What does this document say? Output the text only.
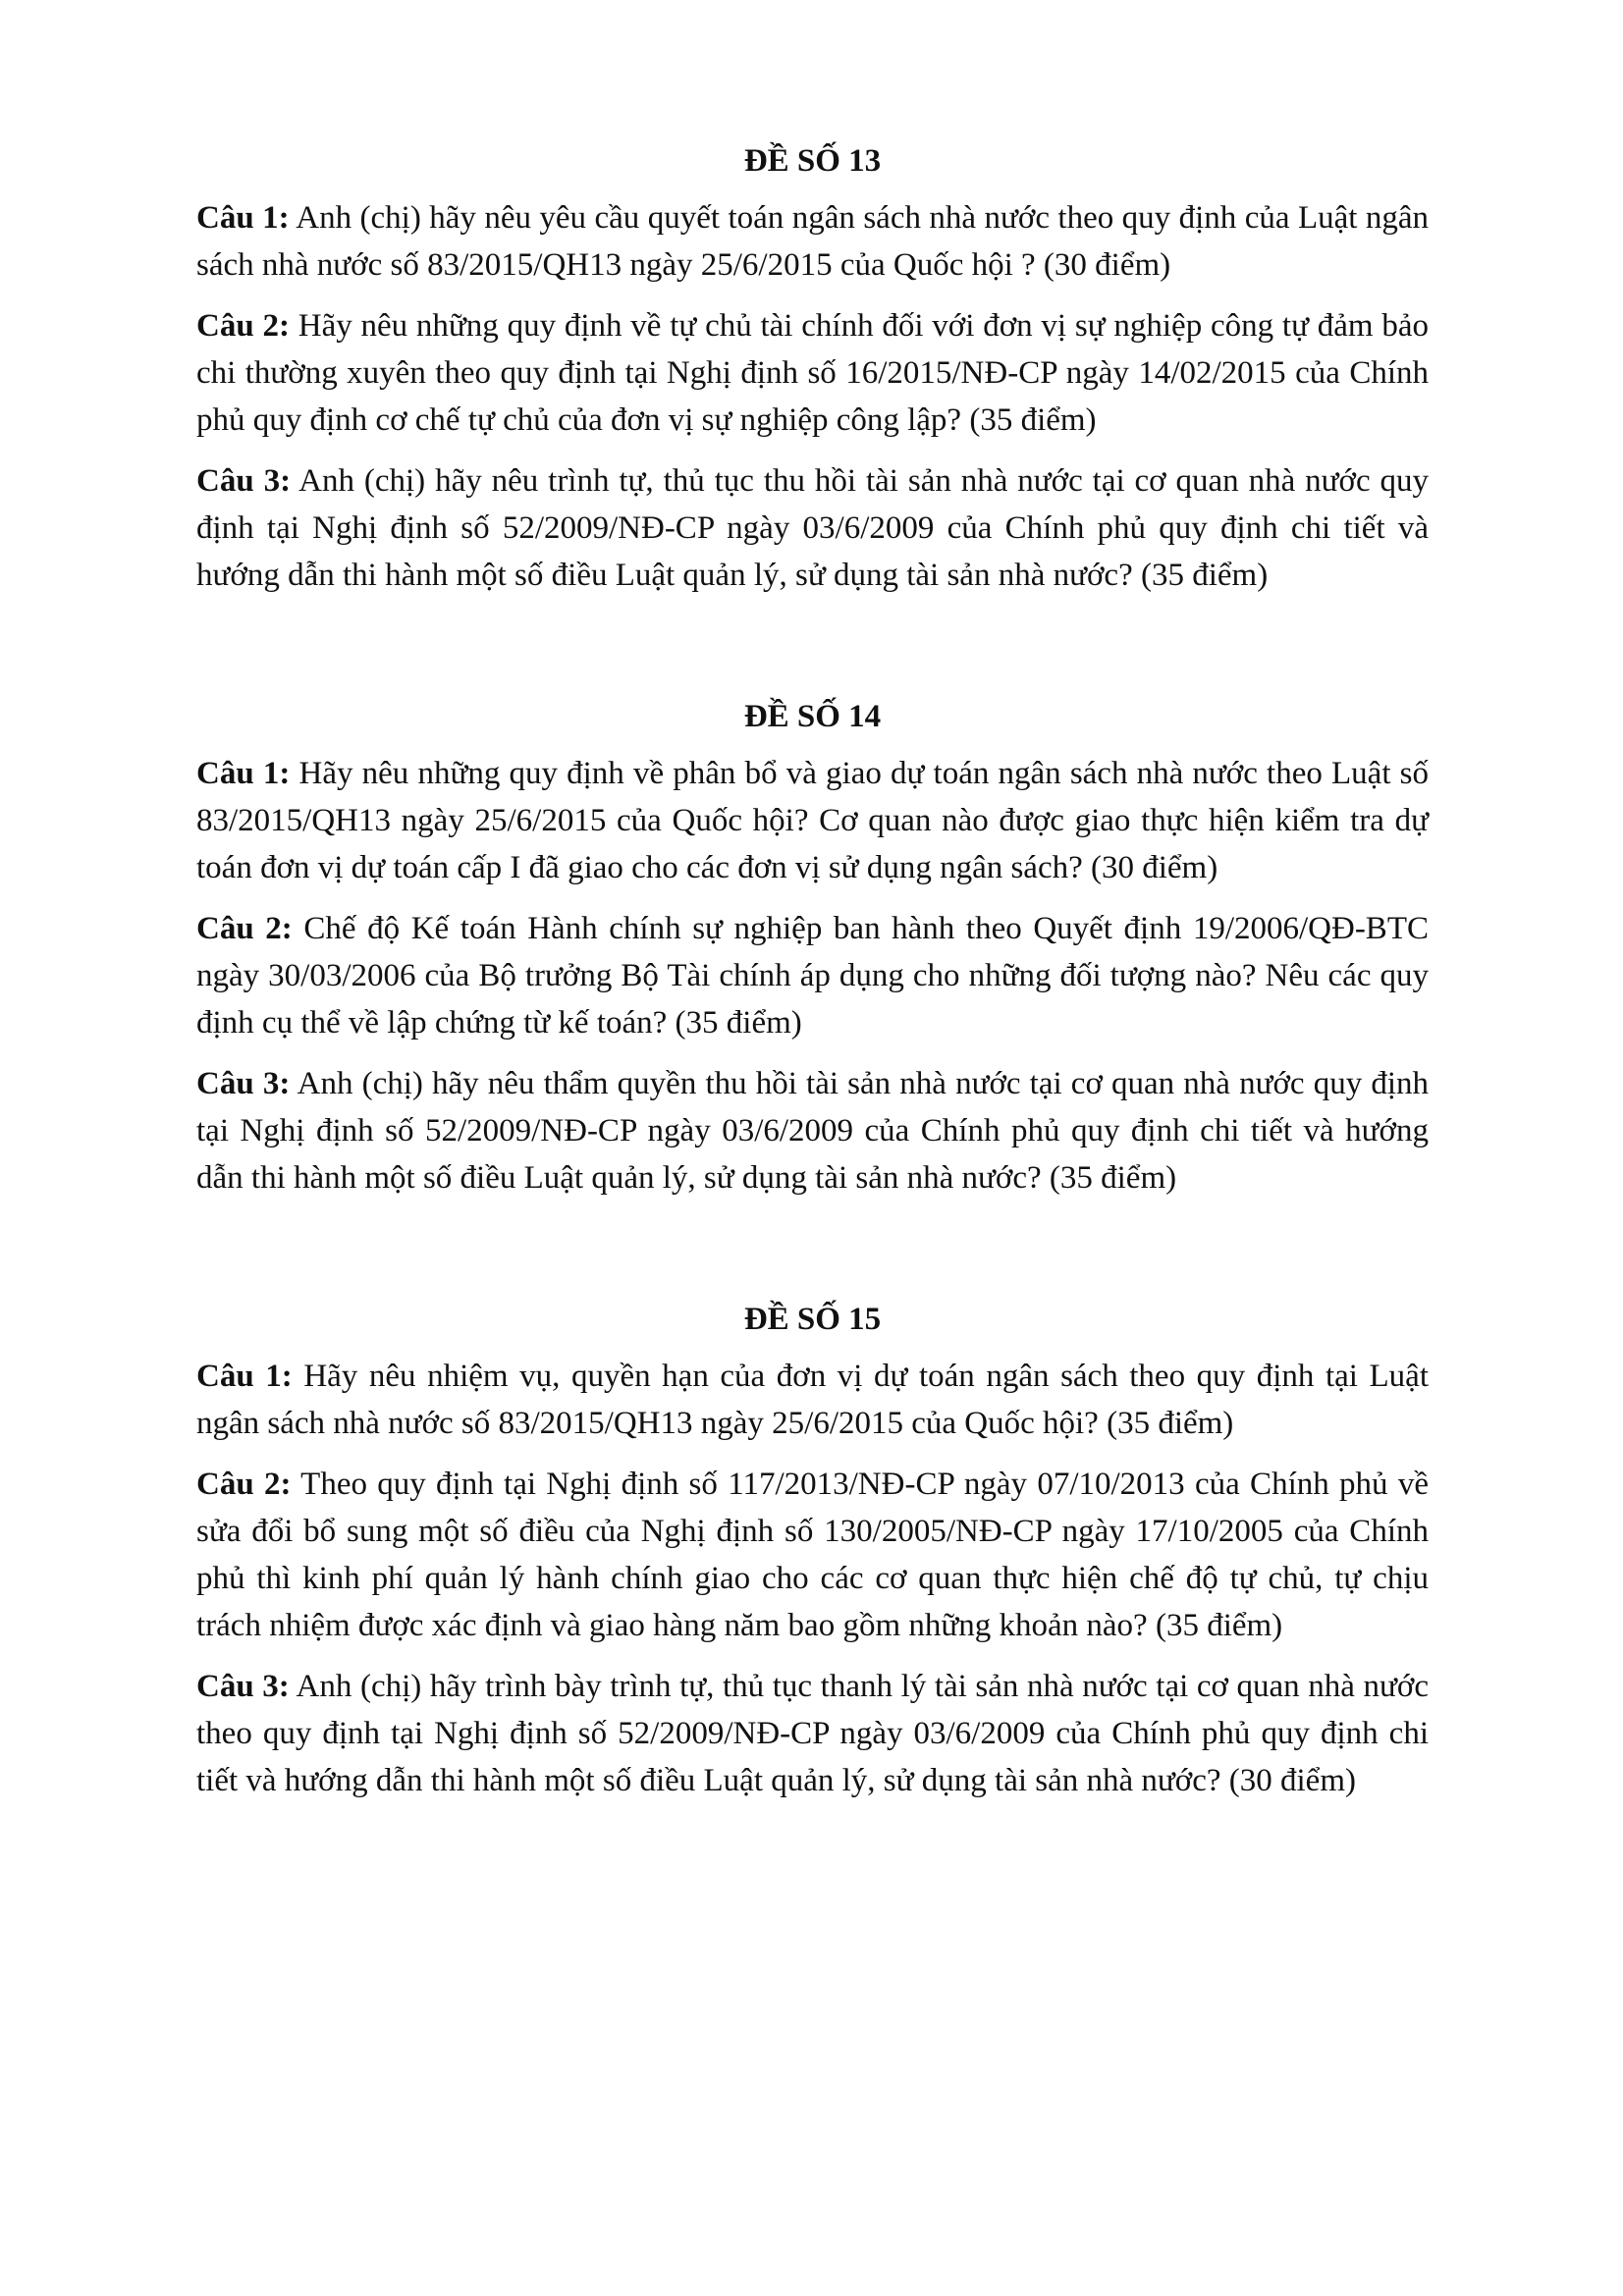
ĐỀ SỐ 13

Câu 1: Anh (chị) hãy nêu yêu cầu quyết toán ngân sách nhà nước theo quy định của Luật ngân sách nhà nước số 83/2015/QH13 ngày 25/6/2015 của Quốc hội ? (30 điểm)

Câu 2: Hãy nêu những quy định về tự chủ tài chính đối với đơn vị sự nghiệp công tự đảm bảo chi thường xuyên theo quy định tại Nghị định số 16/2015/NĐ-CP ngày 14/02/2015 của Chính phủ quy định cơ chế tự chủ của đơn vị sự nghiệp công lập? (35 điểm)

Câu 3: Anh (chị) hãy nêu trình tự, thủ tục thu hồi tài sản nhà nước tại cơ quan nhà nước quy định tại Nghị định số 52/2009/NĐ-CP ngày 03/6/2009 của Chính phủ quy định chi tiết và hướng dẫn thi hành một số điều Luật quản lý, sử dụng tài sản nhà nước? (35 điểm)

ĐỀ SỐ 14

Câu 1: Hãy nêu những quy định về phân bổ và giao dự toán ngân sách nhà nước theo Luật số 83/2015/QH13 ngày 25/6/2015 của Quốc hội? Cơ quan nào được giao thực hiện kiểm tra dự toán đơn vị dự toán cấp I đã giao cho các đơn vị sử dụng ngân sách? (30 điểm)

Câu 2: Chế độ Kế toán Hành chính sự nghiệp ban hành theo Quyết định 19/2006/QĐ-BTC ngày 30/03/2006 của Bộ trưởng Bộ Tài chính áp dụng cho những đối tượng nào? Nêu các quy định cụ thể về lập chứng từ kế toán? (35 điểm)

Câu 3: Anh (chị) hãy nêu thẩm quyền thu hồi tài sản nhà nước tại cơ quan nhà nước quy định tại Nghị định số 52/2009/NĐ-CP ngày 03/6/2009 của Chính phủ quy định chi tiết và hướng dẫn thi hành một số điều Luật quản lý, sử dụng tài sản nhà nước? (35 điểm)

ĐỀ SỐ 15

Câu 1: Hãy nêu nhiệm vụ, quyền hạn của đơn vị dự toán ngân sách theo quy định tại Luật ngân sách nhà nước số 83/2015/QH13 ngày 25/6/2015 của Quốc hội? (35 điểm)

Câu 2: Theo quy định tại Nghị định số 117/2013/NĐ-CP ngày 07/10/2013 của Chính phủ về sửa đổi bổ sung một số điều của Nghị định số 130/2005/NĐ-CP ngày 17/10/2005 của Chính phủ thì kinh phí quản lý hành chính giao cho các cơ quan thực hiện chế độ tự chủ, tự chịu trách nhiệm được xác định và giao hàng năm bao gồm những khoản nào? (35 điểm)

Câu 3: Anh (chị) hãy trình bày trình tự, thủ tục thanh lý tài sản nhà nước tại cơ quan nhà nước theo quy định tại Nghị định số 52/2009/NĐ-CP ngày 03/6/2009 của Chính phủ quy định chi tiết và hướng dẫn thi hành một số điều Luật quản lý, sử dụng tài sản nhà nước? (30 điểm)
